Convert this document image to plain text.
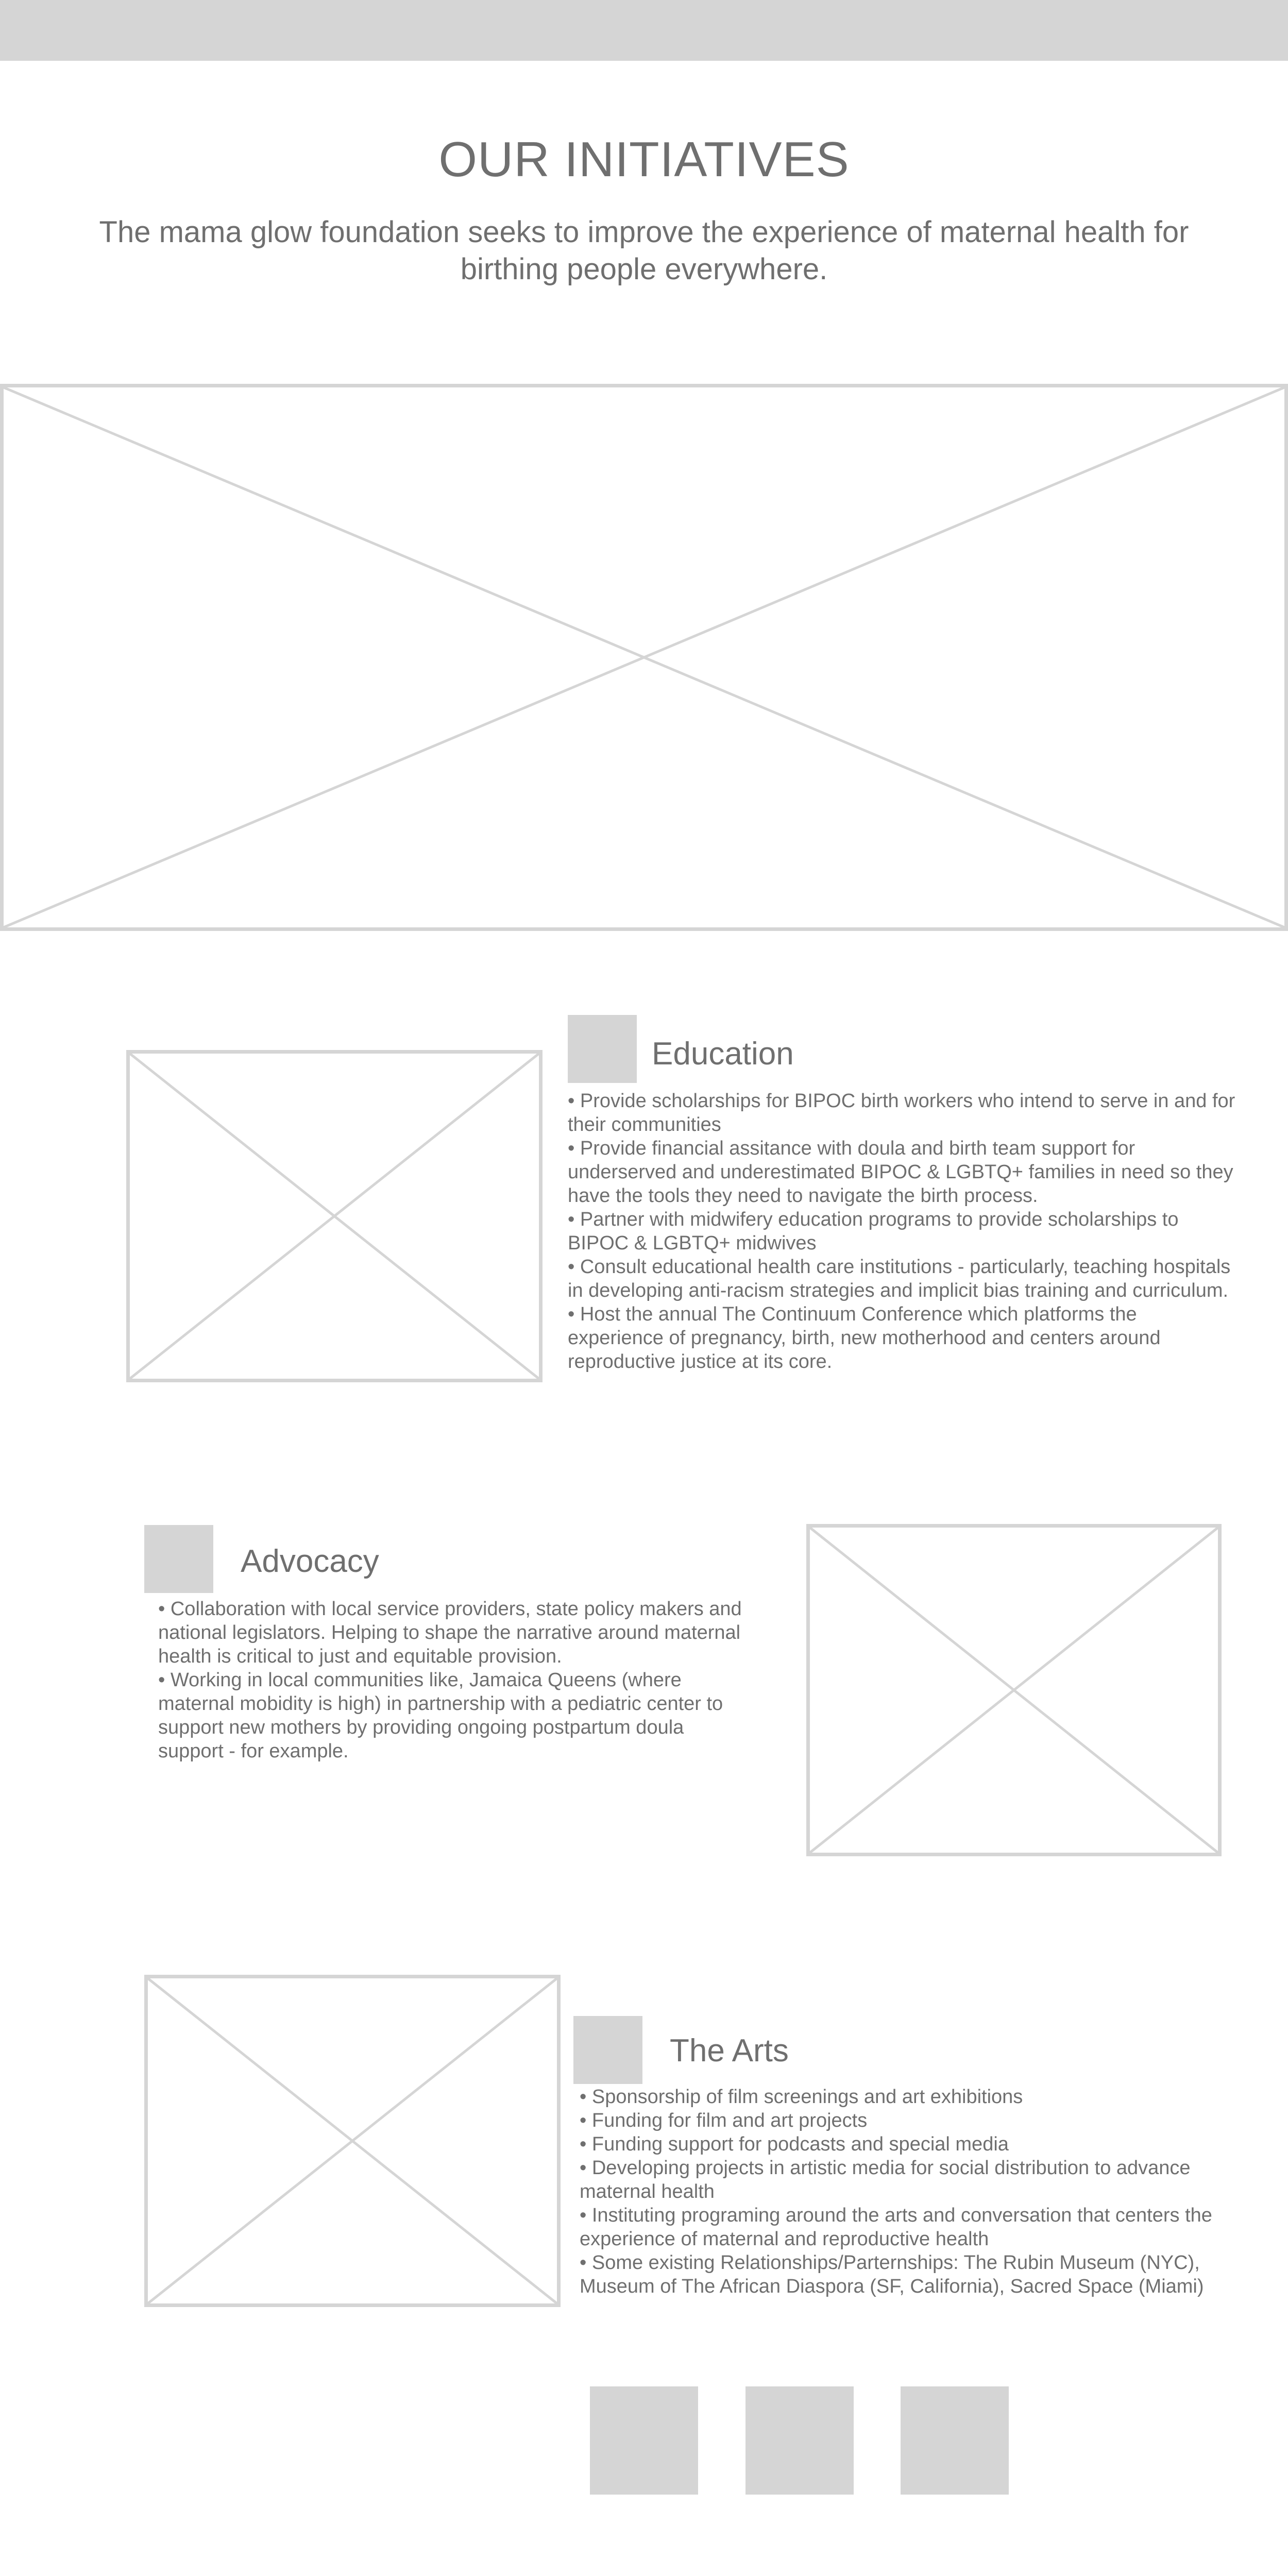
OUR INITIATIVES
The mama glow foundation seeks to improve the experience of maternal health for birthing people everywhere.
Education
• Provide scholarships for BIPOC birth workers who intend to serve in and for their communities
• Provide financial assitance with doula and birth team support for underserved and underestimated BIPOC & LGBTQ+ families in need so they have the tools they need to navigate the birth process.
• Partner with midwifery education programs to provide scholarships to BIPOC & LGBTQ+ midwives
• Consult educational health care institutions - particularly, teaching hospitals in developing anti-racism strategies and implicit bias training and curriculum.
• Host the annual The Continuum Conference which platforms the experience of pregnancy, birth, new motherhood and centers around reproductive justice at its core.
Advocacy
• Collaboration with local service providers, state policy makers and national legislators. Helping to shape the narrative around maternal health is critical to just and equitable provision.
• Working in local communities like, Jamaica Queens (where maternal mobidity is high) in partnership with a pediatric center to support new mothers by providing ongoing postpartum doula support - for example.
The Arts
• Sponsorship of film screenings and art exhibitions
• Funding for film and art projects
• Funding support for podcasts and special media
• Developing projects in artistic media for social distribution to advance maternal health
• Instituting programing around the arts and conversation that centers the experience of maternal and reproductive health
• Some existing Relationships/Parternships: The Rubin Museum (NYC), Museum of The African Diaspora (SF, California), Sacred Space (Miami)
